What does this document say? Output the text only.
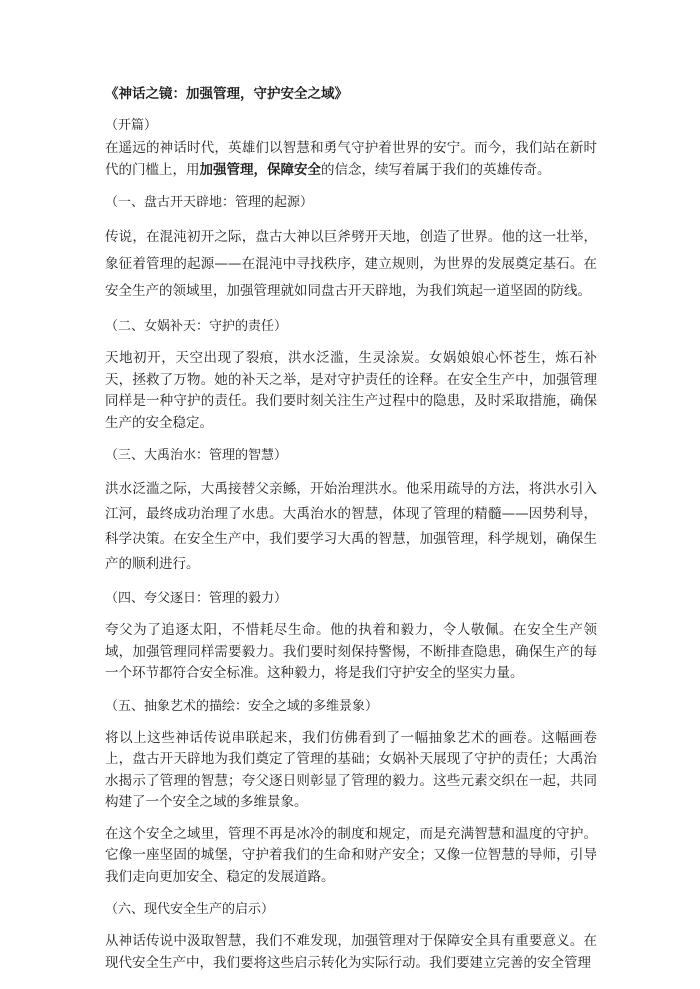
《神话之镜：加强管理，守护安全之域》
（开篇）
在遥远的神话时代，英雄们以智慧和勇气守护着世界的安宁。而今，我们站在新时代的门槛上，用加强管理，保障安全的信念，续写着属于我们的英雄传奇。
（一、盘古开天辟地：管理的起源）
传说，在混沌初开之际，盘古大神以巨斧劈开天地，创造了世界。他的这一壮举，象征着管理的起源——在混沌中寻找秩序，建立规则，为世界的发展奠定基石。在安全生产的领域里，加强管理就如同盘古开天辟地，为我们筑起一道坚固的防线。
（二、女娲补天：守护的责任）
天地初开，天空出现了裂痕，洪水泛滥，生灵涂炭。女娲娘娘心怀苍生，炼石补天，拯救了万物。她的补天之举，是对守护责任的诠释。在安全生产中，加强管理同样是一种守护的责任。我们要时刻关注生产过程中的隐患，及时采取措施，确保生产的安全稳定。
（三、大禹治水：管理的智慧）
洪水泛滥之际，大禹接替父亲鲧，开始治理洪水。他采用疏导的方法，将洪水引入江河，最终成功治理了水患。大禹治水的智慧，体现了管理的精髓——因势利导，科学决策。在安全生产中，我们要学习大禹的智慧，加强管理，科学规划，确保生产的顺利进行。
（四、夸父逐日：管理的毅力）
夸父为了追逐太阳，不惜耗尽生命。他的执着和毅力，令人敬佩。在安全生产领域，加强管理同样需要毅力。我们要时刻保持警惕，不断排查隐患，确保生产的每一个环节都符合安全标准。这种毅力，将是我们守护安全的坚实力量。
（五、抽象艺术的描绘：安全之域的多维景象）
将以上这些神话传说串联起来，我们仿佛看到了一幅抽象艺术的画卷。这幅画卷上，盘古开天辟地为我们奠定了管理的基础；女娲补天展现了守护的责任；大禹治水揭示了管理的智慧；夸父逐日则彰显了管理的毅力。这些元素交织在一起，共同构建了一个安全之域的多维景象。
在这个安全之域里，管理不再是冰冷的制度和规定，而是充满智慧和温度的守护。它像一座坚固的城堡，守护着我们的生命和财产安全；又像一位智慧的导师，引导我们走向更加安全、稳定的发展道路。
（六、现代安全生产的启示）
从神话传说中汲取智慧，我们不难发现，加强管理对于保障安全具有重要意义。在现代安全生产中，我们要将这些启示转化为实际行动。我们要建立完善的安全管理
